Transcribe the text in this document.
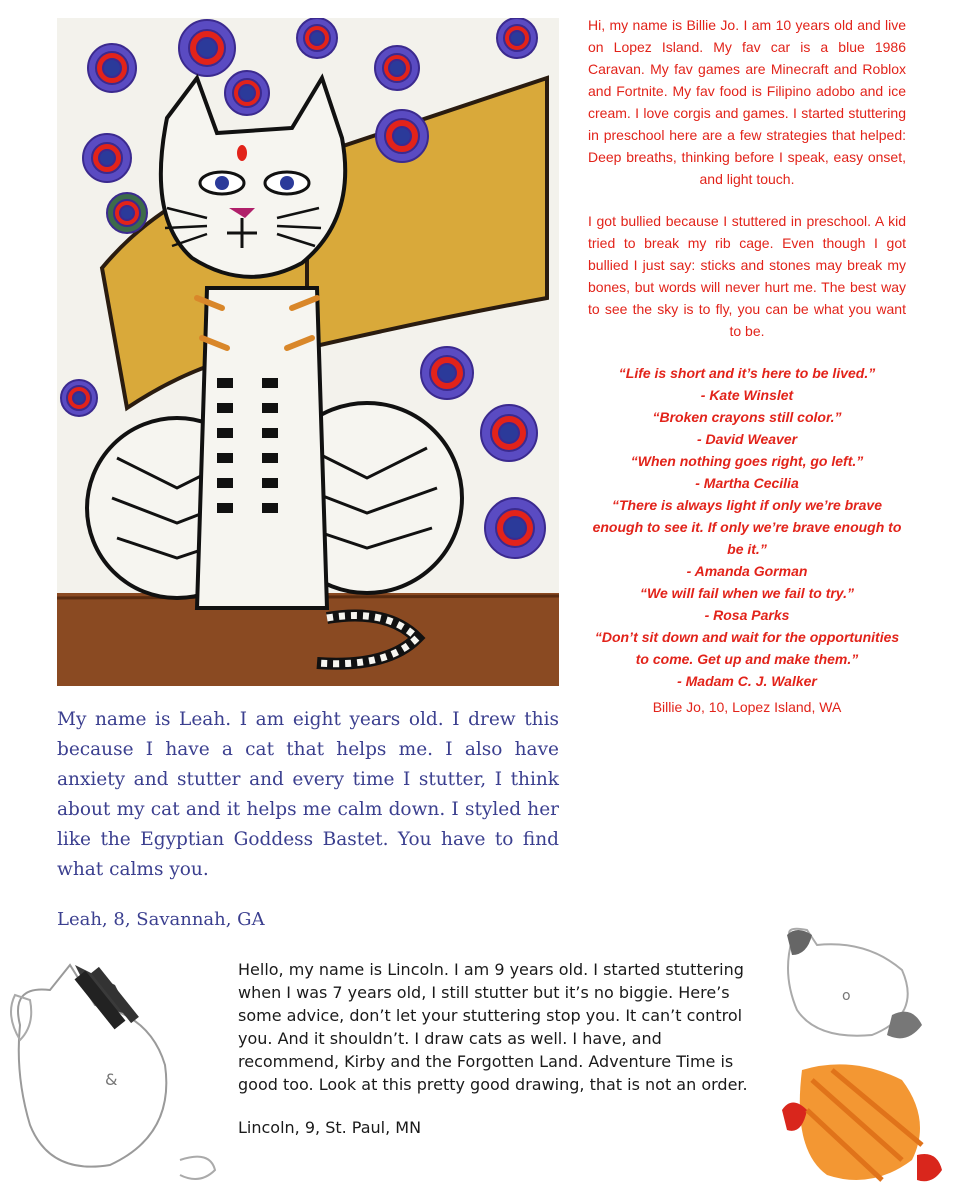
Hi, my name is Billie Jo. I am 10 years old and live on Lopez Island. My fav car is a blue 1986 Caravan. My fav games are Minecraft and Roblox and Fortnite. My fav food is Filipino adobo and ice cream. I love corgis and games. I started stuttering in preschool here are a few strategies that helped: Deep breaths, thinking before I speak, easy onset, and light touch.

I got bullied because I stuttered in preschool. A kid tried to break my rib cage. Even though I got bullied I just say: sticks and stones may break my bones, but words will never hurt me. The best way to see the sky is to fly, you can be what you want to be.

“Life is short and it’s here to be lived.”
- Kate Winslet

“Broken crayons still color.”
- David Weaver

“When nothing goes right, go left.”
- Martha Cecilia

“There is always light if only we’re brave enough to see it. If only we’re brave enough to be it.”
- Amanda Gorman

“We will fail when we fail to try.”
- Rosa Parks

“Don’t sit down and wait for the opportunities to come. Get up and make them.”
- Madam C. J. Walker

Billie Jo, 10, Lopez Island, WA

My name is Leah. I am eight years old. I drew this because I have a cat that helps me. I also have anxiety and stutter and every time I stutter, I think about my cat and it helps me calm down. I styled her like the Egyptian Goddess Bastet. You have to find what calms you.
Leah, 8, Savannah, GA
&
o
Hello, my name is Lincoln. I am 9 years old. I started stuttering when I was 7 years old, I still stutter but it’s no biggie. Here’s some advice, don’t let your stuttering stop you. It can’t control you. And it shouldn’t. I draw cats as well. I have, and recommend, Kirby and the Forgotten Land. Adventure Time is good too. Look at this pretty good drawing, that is not an order.
Lincoln, 9, St. Paul, MN
